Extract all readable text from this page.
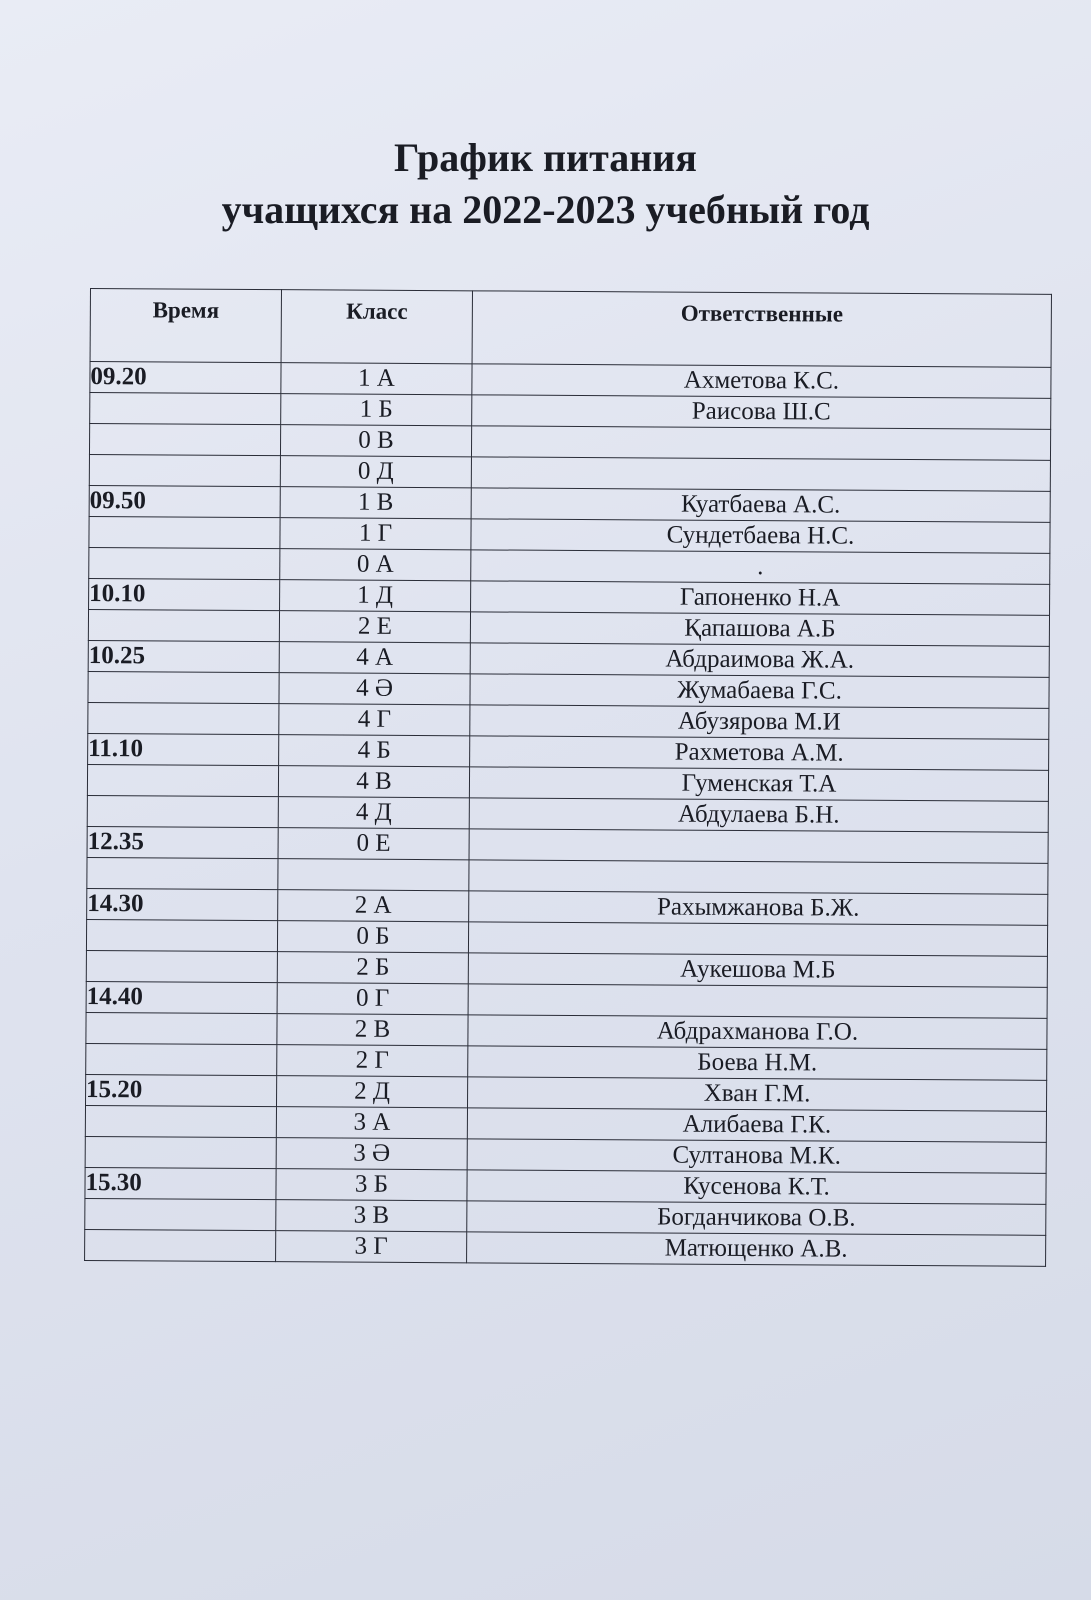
График питания
учащихся на 2022-2023 учебный год
Время	Класс	Ответственные
09.20	1 А	Ахметова К.С.
	1 Б	Раисова Ш.С
	0 В	
	0 Д	
09.50	1 В	Куатбаева А.С.
	1 Г	Сундетбаева Н.С.
	0 А	.
10.10	1 Д	Гапоненко Н.А
	2 Е	Қапашова А.Б
10.25	4 А	Абдраимова Ж.А.
	4 Ә	Жумабаева Г.С.
	4 Г	Абузярова М.И
11.10	4 Б	Рахметова А.М.
	4 В	Гуменская Т.А
	4 Д	Абдулаева Б.Н.
12.35	0 Е	

14.30	2 А	Рахымжанова Б.Ж.
	0 Б	
	2 Б	Аукешова М.Б
14.40	0 Г	
	2 В	Абдрахманова Г.О.
	2 Г	Боева Н.М.
15.20	2 Д	Хван Г.М.
	3 А	Алибаева Г.К.
	3 Ә	Султанова М.К.
15.30	3 Б	Кусенова К.Т.
	3 В	Богданчикова О.В.
	3 Г	Матющенко А.В.
